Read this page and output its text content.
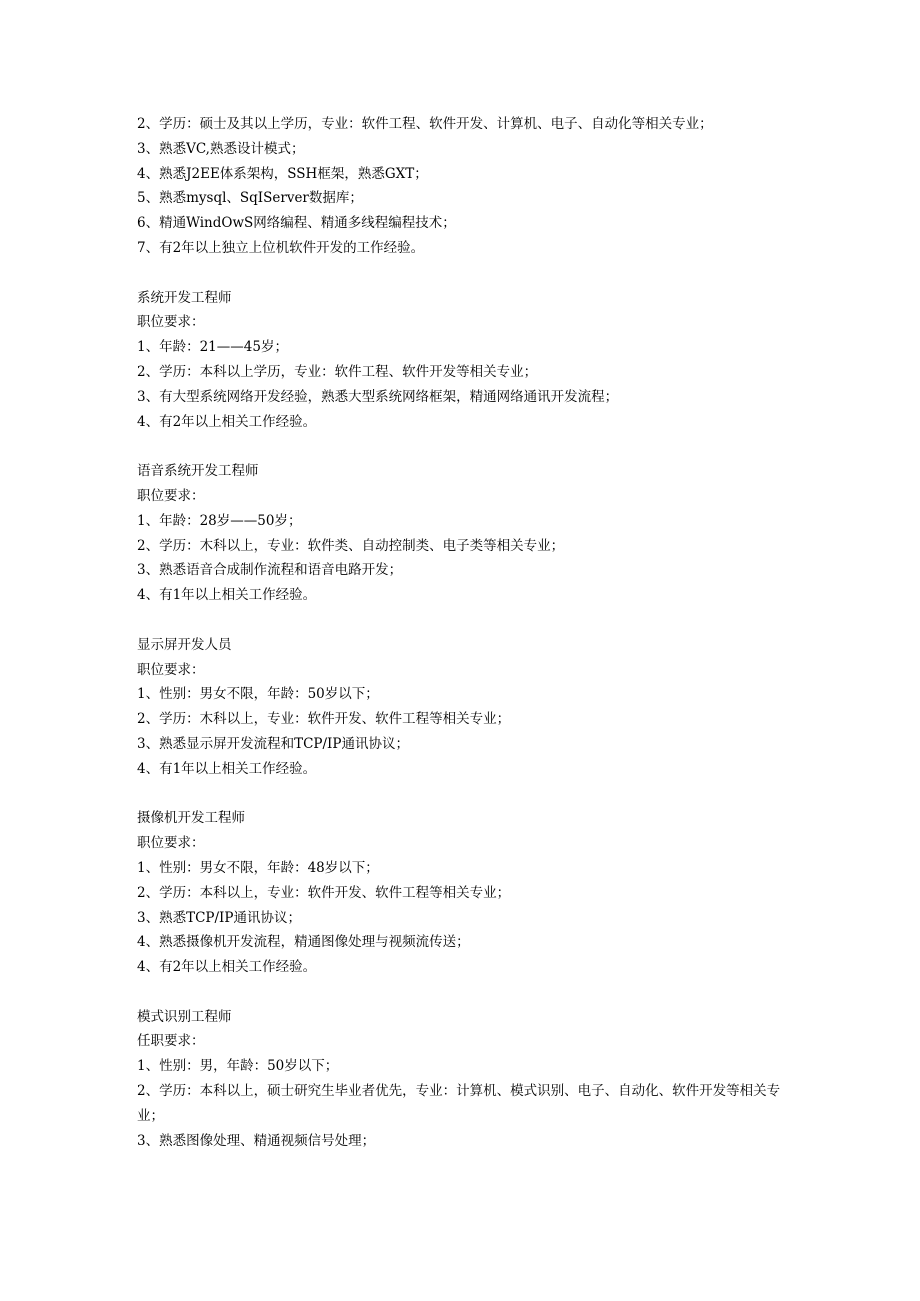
2、学历：硕士及其以上学历，专业：软件工程、软件开发、计算机、电子、自动化等相关专业；

3、熟悉VC,熟悉设计模式；

4、熟悉J2EE体系架构，SSH框架，熟悉GXT；

5、熟悉mysql、SqIServer数据库；

6、精通WindOwS网络编程、精通多线程编程技术；

7、有2年以上独立上位机软件开发的工作经验。

系统开发工程师

职位要求：

1、年龄：21——45岁；

2、学历：本科以上学历，专业：软件工程、软件开发等相关专业；

3、有大型系统网络开发经验，熟悉大型系统网络框架，精通网络通讯开发流程；

4、有2年以上相关工作经验。

语音系统开发工程师

职位要求：

1、年龄：28岁——50岁；

2、学历：木科以上，专业：软件类、自动控制类、电子类等相关专业；

3、熟悉语音合成制作流程和语音电路开发；

4、有1年以上相关工作经验。

显示屏开发人员

职位要求：

1、性别：男女不限，年龄：50岁以下；

2、学历：木科以上，专业：软件开发、软件工程等相关专业；

3、熟悉显示屏开发流程和TCP/IP通讯协议；

4、有1年以上相关工作经验。

摄像机开发工程师

职位要求：

1、性别：男女不限，年龄：48岁以下；

2、学历：本科以上，专业：软件开发、软件工程等相关专业；

3、熟悉TCP/IP通讯协议；

4、熟悉摄像机开发流程，精通图像处理与视频流传送；

4、有2年以上相关工作经验。

模式识别工程师

任职要求：

1、性别：男，年龄：50岁以下；

2、学历：本科以上，硕士研究生毕业者优先，专业：计算机、模式识别、电子、自动化、软件开发等相关专业；

3、熟悉图像处理、精通视频信号处理；
